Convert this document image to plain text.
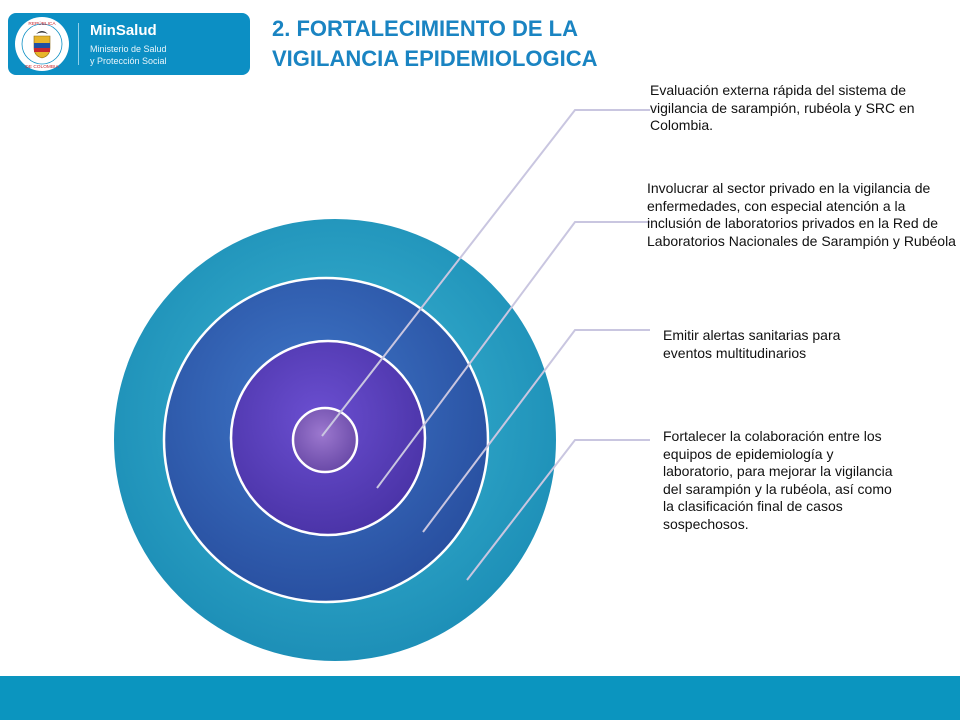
REPÚBLICA
DE COLOMBIA
MinSalud
Ministerio de Salud
y Protección Social
2. FORTALECIMIENTO DE LA
VIGILANCIA EPIDEMIOLOGICA
Evaluación externa rápida del sistema de vigilancia de sarampión, rubéola y SRC en Colombia.
Involucrar al sector privado en la vigilancia de enfermedades, con especial atención a la inclusión de laboratorios privados en la Red de Laboratorios Nacionales de Sarampión y Rubéola
Emitir alertas sanitarias para eventos multitudinarios
Fortalecer la colaboración entre los equipos de epidemiología y laboratorio, para mejorar la vigilancia del sarampión y la rubéola, así como la clasificación final de casos sospechosos.
